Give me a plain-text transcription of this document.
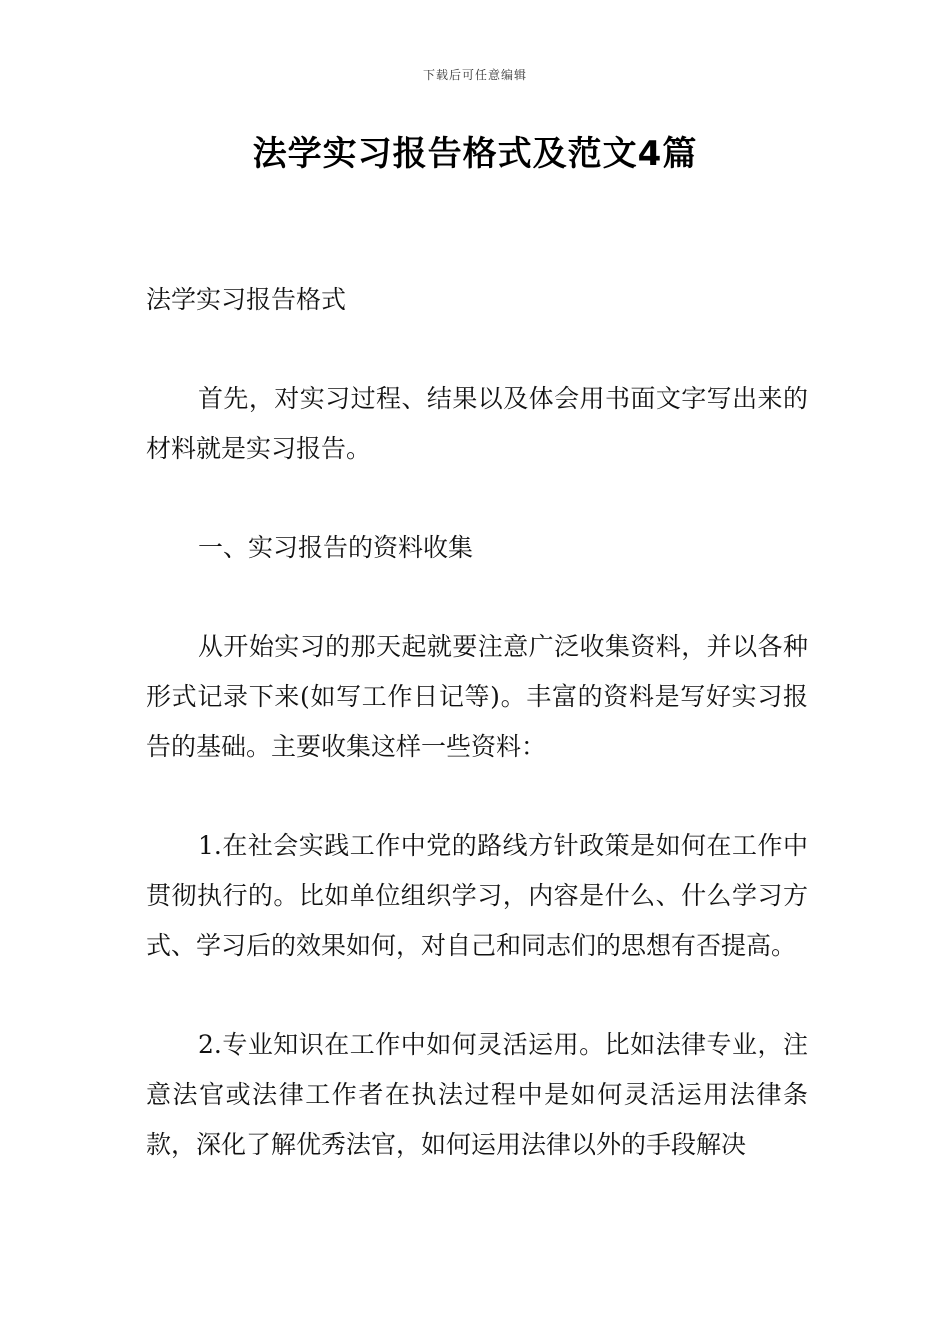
下载后可任意编辑
法学实习报告格式及范文4篇

法学实习报告格式

首先，对实习过程、结果以及体会用书面文字写出来的材料就是实习报告。

一、实习报告的资料收集

从开始实习的那天起就要注意广泛收集资料，并以各种形式记录下来(如写工作日记等)。丰富的资料是写好实习报告的基础。主要收集这样一些资料：

1.在社会实践工作中党的路线方针政策是如何在工作中贯彻执行的。比如单位组织学习，内容是什么、什么学习方式、学习后的效果如何，对自己和同志们的思想有否提高。

2.专业知识在工作中如何灵活运用。比如法律专业，注意法官或法律工作者在执法过程中是如何灵活运用法律条款，深化了解优秀法官，如何运用法律以外的手段解决
